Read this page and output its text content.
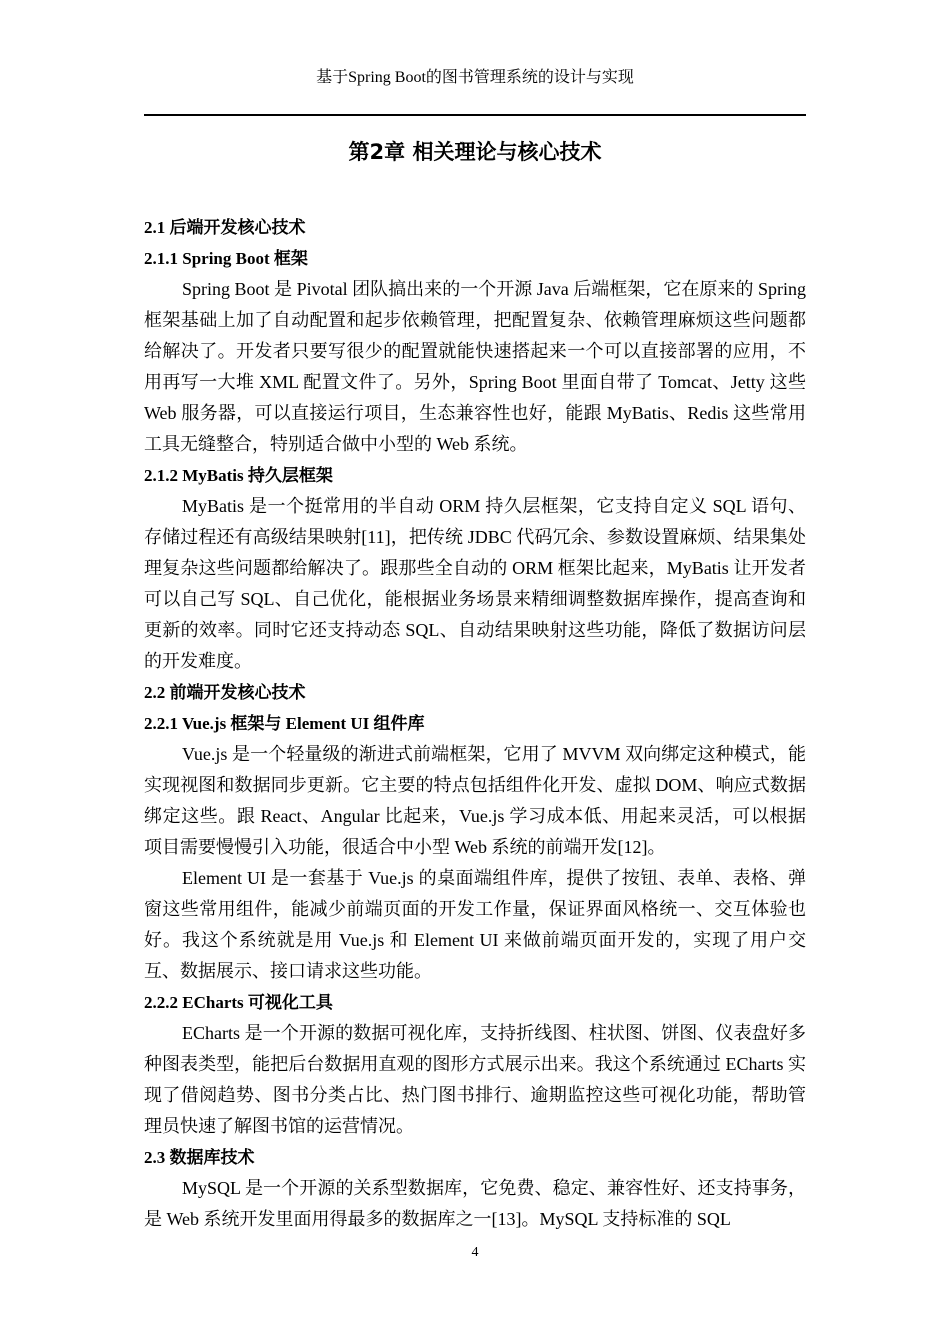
基于Spring Boot的图书管理系统的设计与实现
第2章 相关理论与核心技术
2.1 后端开发核心技术
2.1.1 Spring Boot 框架

Spring Boot 是 Pivotal 团队搞出来的一个开源 Java 后端框架，它在原来的 Spring 框架基础上加了自动配置和起步依赖管理，把配置复杂、依赖管理麻烦这些问题都给解决了。开发者只要写很少的配置就能快速搭起来一个可以直接部署的应用，不用再写一大堆 XML 配置文件了。另外，Spring Boot 里面自带了 Tomcat、Jetty 这些 Web 服务器，可以直接运行项目，生态兼容性也好，能跟 MyBatis、Redis 这些常用工具无缝整合，特别适合做中小型的 Web 系统。

2.1.2 MyBatis 持久层框架

MyBatis 是一个挺常用的半自动 ORM 持久层框架，它支持自定义 SQL 语句、存储过程还有高级结果映射[11]，把传统 JDBC 代码冗余、参数设置麻烦、结果集处理复杂这些问题都给解决了。跟那些全自动的 ORM 框架比起来，MyBatis 让开发者可以自己写 SQL、自己优化，能根据业务场景来精细调整数据库操作，提高查询和更新的效率。同时它还支持动态 SQL、自动结果映射这些功能，降低了数据访问层的开发难度。

2.2 前端开发核心技术
2.2.1 Vue.js 框架与 Element UI 组件库

Vue.js 是一个轻量级的渐进式前端框架，它用了 MVVM 双向绑定这种模式，能实现视图和数据同步更新。它主要的特点包括组件化开发、虚拟 DOM、响应式数据绑定这些。跟 React、Angular 比起来，Vue.js 学习成本低、用起来灵活，可以根据项目需要慢慢引入功能，很适合中小型 Web 系统的前端开发[12]。

Element UI 是一套基于 Vue.js 的桌面端组件库，提供了按钮、表单、表格、弹窗这些常用组件，能减少前端页面的开发工作量，保证界面风格统一、交互体验也好。我这个系统就是用 Vue.js 和 Element UI 来做前端页面开发的，实现了用户交互、数据展示、接口请求这些功能。

2.2.2 ECharts 可视化工具

ECharts 是一个开源的数据可视化库，支持折线图、柱状图、饼图、仪表盘好多种图表类型，能把后台数据用直观的图形方式展示出来。我这个系统通过 ECharts 实现了借阅趋势、图书分类占比、热门图书排行、逾期监控这些可视化功能，帮助管理员快速了解图书馆的运营情况。

2.3 数据库技术

MySQL 是一个开源的关系型数据库，它免费、稳定、兼容性好、还支持事务，是 Web 系统开发里面用得最多的数据库之一[13]。MySQL 支持标准的 SQL

4
